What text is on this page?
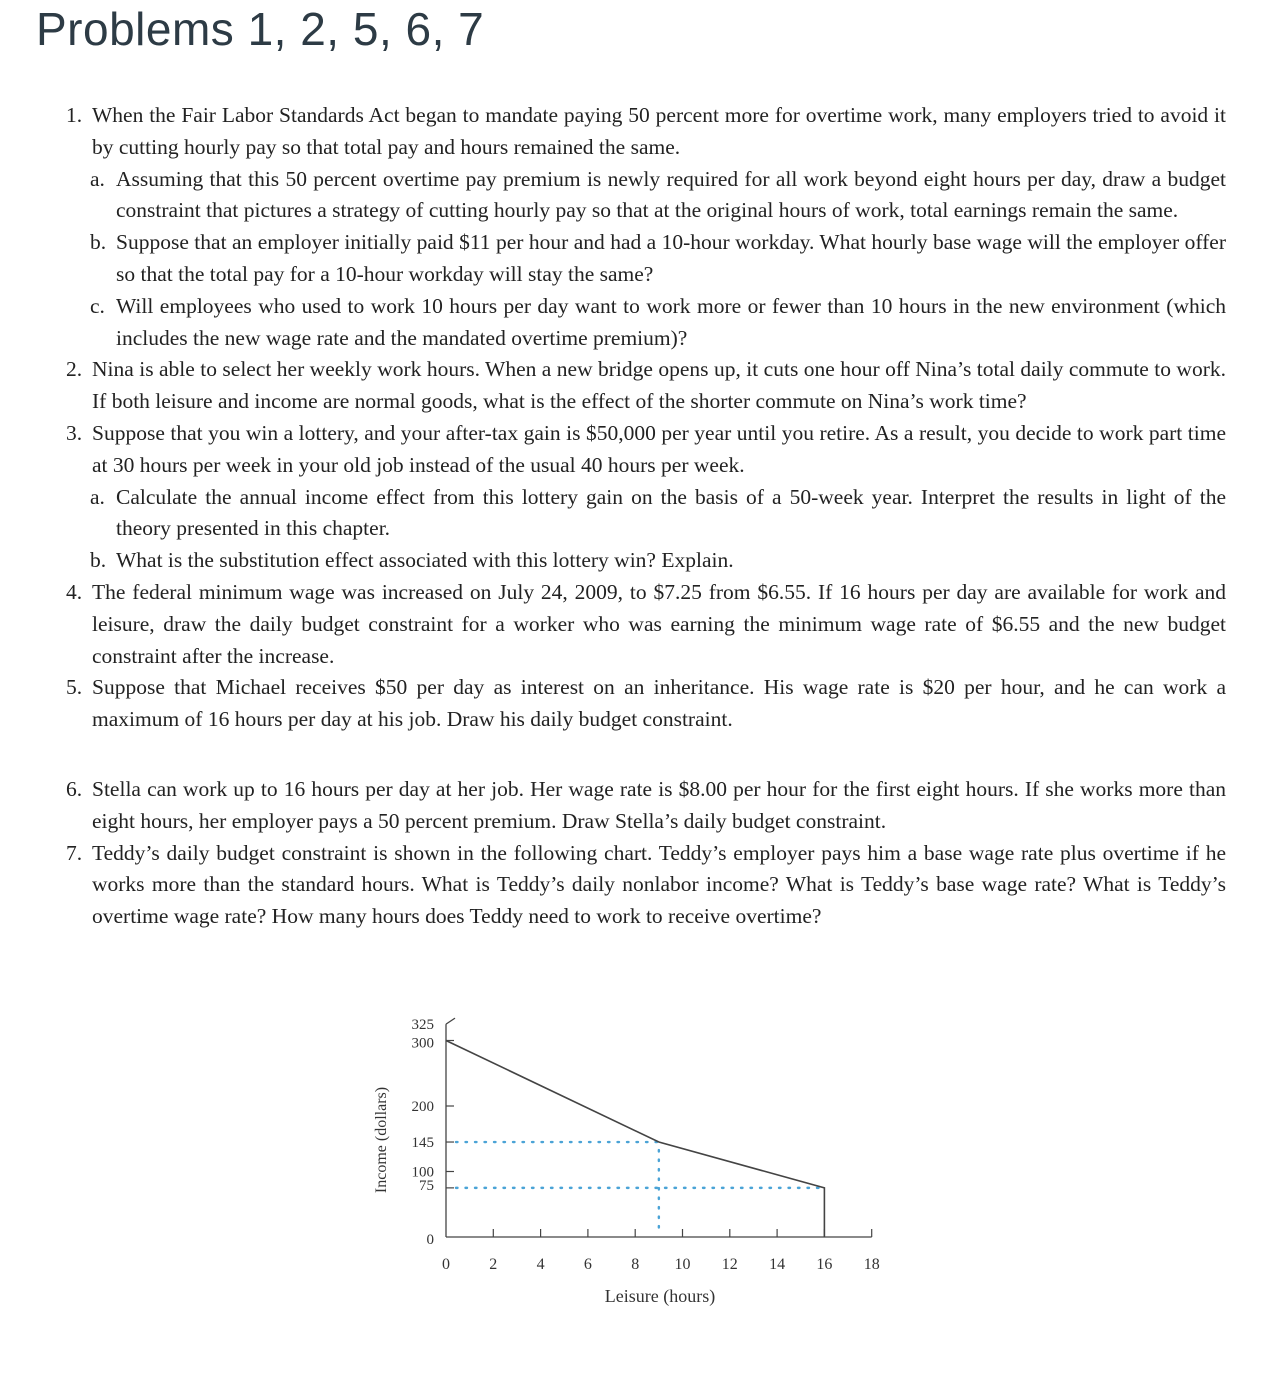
Problems 1, 2, 5, 6, 7
1. When the Fair Labor Standards Act began to mandate paying 50 percent more for overtime work, many employers tried to avoid it by cutting hourly pay so that total pay and hours remained the same.
a. Assuming that this 50 percent overtime pay premium is newly required for all work beyond eight hours per day, draw a budget constraint that pictures a strategy of cutting hourly pay so that at the original hours of work, total earnings remain the same.
b. Suppose that an employer initially paid $11 per hour and had a 10-hour workday. What hourly base wage will the employer offer so that the total pay for a 10-hour workday will stay the same?
c. Will employees who used to work 10 hours per day want to work more or fewer than 10 hours in the new environment (which includes the new wage rate and the mandated overtime premium)?
2. Nina is able to select her weekly work hours. When a new bridge opens up, it cuts one hour off Nina’s total daily commute to work. If both leisure and income are normal goods, what is the effect of the shorter commute on Nina’s work time?
3. Suppose that you win a lottery, and your after-tax gain is $50,000 per year until you retire. As a result, you decide to work part time at 30 hours per week in your old job instead of the usual 40 hours per week.
a. Calculate the annual income effect from this lottery gain on the basis of a 50-week year. Interpret the results in light of the theory presented in this chapter.
b. What is the substitution effect associated with this lottery win? Explain.
4. The federal minimum wage was increased on July 24, 2009, to $7.25 from $6.55. If 16 hours per day are available for work and leisure, draw the daily budget constraint for a worker who was earning the minimum wage rate of $6.55 and the new budget constraint after the increase.
5. Suppose that Michael receives $50 per day as interest on an inheritance. His wage rate is $20 per hour, and he can work a maximum of 16 hours per day at his job. Draw his daily budget constraint.
6. Stella can work up to 16 hours per day at her job. Her wage rate is $8.00 per hour for the first eight hours. If she works more than eight hours, her employer pays a 50 percent premium. Draw Stella’s daily budget constraint.
7. Teddy’s daily budget constraint is shown in the following chart. Teddy’s employer pays him a base wage rate plus overtime if he works more than the standard hours. What is Teddy’s daily nonlabor income? What is Teddy’s base wage rate? What is Teddy’s overtime wage rate? How many hours does Teddy need to work to receive overtime?
Income (dollars)
Leisure (hours)
0
75
100
145
200
300
325
0 2 4 6 8 10 12 14 16 18
